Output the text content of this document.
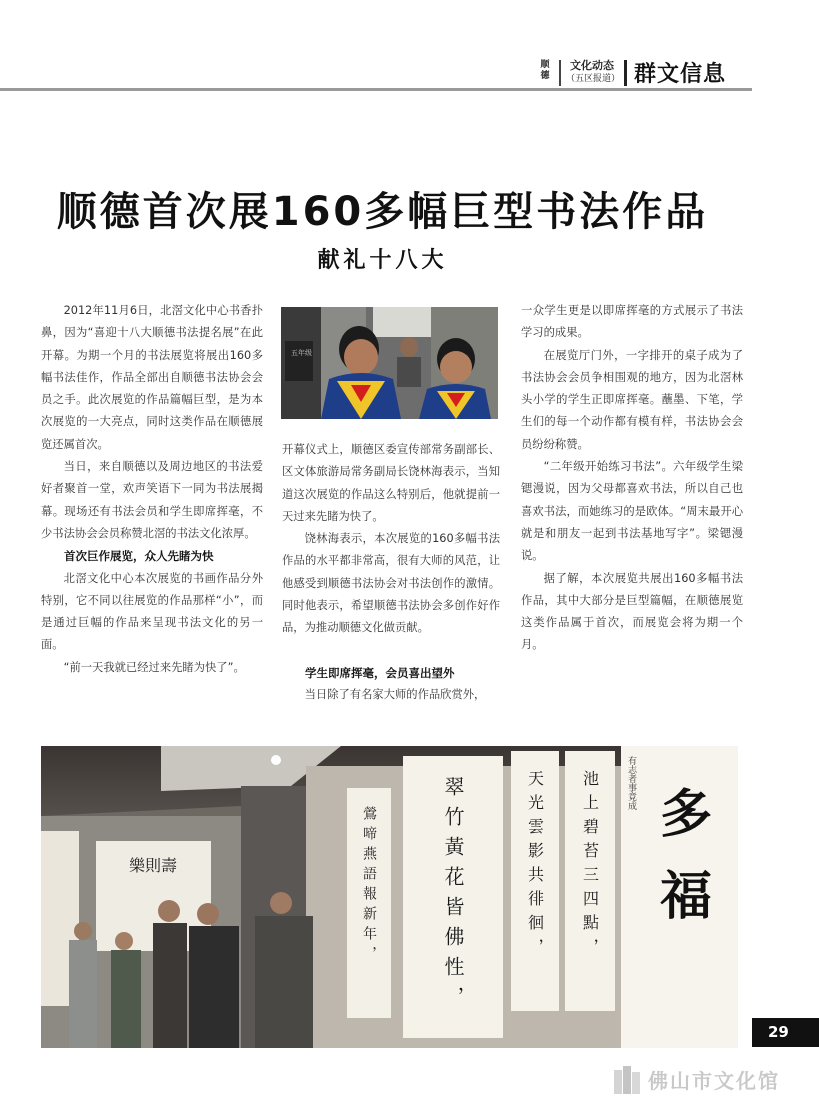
顺德
文化动态
（五区报道） 群文信息
顺德首次展160多幅巨型书法作品
献礼十八大

2012年11月6日，北滘文化中心书香扑鼻，因为“喜迎十八大顺德书法提名展”在此开幕。为期一个月的书法展览将展出160多幅书法佳作，作品全部出自顺德书法协会会员之手。此次展览的作品篇幅巨型，是为本次展览的一大亮点，同时这类作品在顺德展览还属首次。

当日，来自顺德以及周边地区的书法爱好者聚首一堂，欢声笑语下一同为书法展揭幕。现场还有书法会员和学生即席挥毫，不少书法协会会员称赞北滘的书法文化浓厚。

首次巨作展览，众人先睹为快

北滘文化中心本次展览的书画作品分外特别，它不同以往展览的作品那样“小”，而是通过巨幅的作品来呈现书法文化的另一面。

“前一天我就已经过来先睹为快了”。

五年级

开幕仪式上，顺德区委宣传部常务副部长、区文体旅游局常务副局长饶林海表示，当知道这次展览的作品这么特别后，他就提前一天过来先睹为快了。

饶林海表示，本次展览的160多幅书法作品的水平都非常高，很有大师的风范，让他感受到顺德书法协会对书法创作的激情。同时他表示，希望顺德书法协会多创作好作品，为推动顺德文化做贡献。

学生即席挥毫，会员喜出望外

当日除了有名家大师的作品欣赏外，

一众学生更是以即席挥毫的方式展示了书法学习的成果。

在展览厅门外，一字排开的桌子成为了书法协会会员争相围观的地方，因为北滘林头小学的学生正即席挥毫。蘸墨、下笔，学生们的每一个动作都有模有样，书法协会会员纷纷称赞。

“二年级开始练习书法”。六年级学生梁锶漫说，因为父母都喜欢书法，所以自己也喜欢书法，而她练习的是欧体。“周末最开心就是和朋友一起到书法基地写字”。梁锶漫说。

据了解，本次展览共展出160多幅书法作品，其中大部分是巨型篇幅，在顺德展览这类作品属于首次，而展览会将为期一个月。

樂則壽	鶯啼燕語報新年，	翠竹黃花皆佛性，	天光雲影共徘徊， 池上碧苔三四點，	有志者事竟成
多福
29
佛山市文化馆
